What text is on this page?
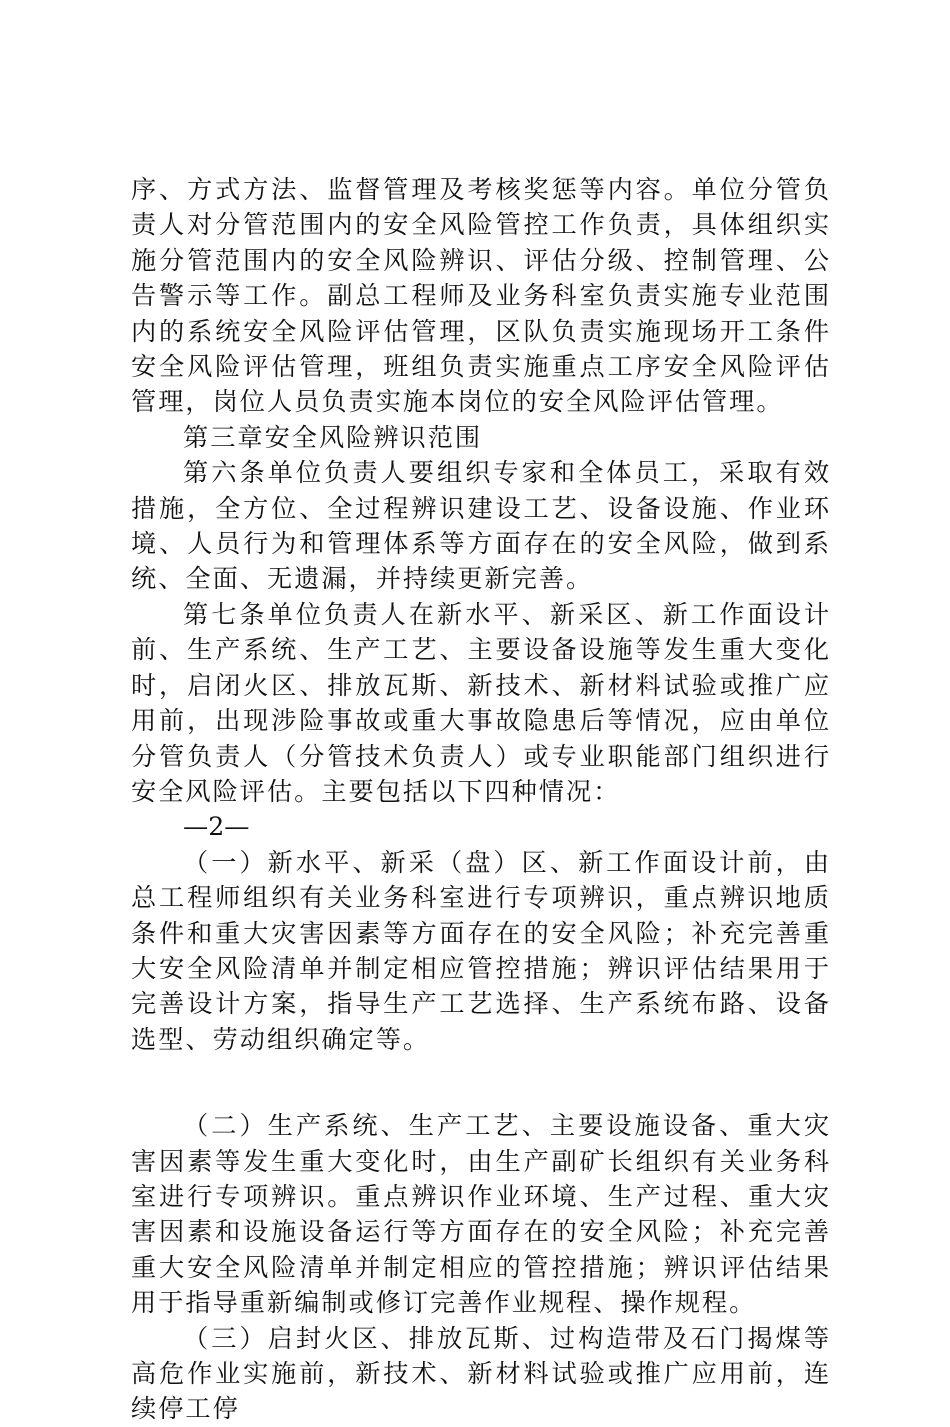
序、方式方法、监督管理及考核奖惩等内容。单位分管负责人对分管范围内的安全风险管控工作负责，具体组织实施分管范围内的安全风险辨识、评估分级、控制管理、公告警示等工作。副总工程师及业务科室负责实施专业范围内的系统安全风险评估管理，区队负责实施现场开工条件安全风险评估管理，班组负责实施重点工序安全风险评估管理，岗位人员负责实施本岗位的安全风险评估管理。

第三章安全风险辨识范围

第六条单位负责人要组织专家和全体员工，采取有效措施，全方位、全过程辨识建设工艺、设备设施、作业环境、人员行为和管理体系等方面存在的安全风险，做到系统、全面、无遗漏，并持续更新完善。

第七条单位负责人在新水平、新采区、新工作面设计前、生产系统、生产工艺、主要设备设施等发生重大变化时，启闭火区、排放瓦斯、新技术、新材料试验或推广应用前，出现涉险事故或重大事故隐患后等情况，应由单位分管负责人（分管技术负责人）或专业职能部门组织进行安全风险评估。主要包括以下四种情况：

—2—

（一）新水平、新采（盘）区、新工作面设计前，由总工程师组织有关业务科室进行专项辨识，重点辨识地质条件和重大灾害因素等方面存在的安全风险；补充完善重大安全风险清单并制定相应管控措施；辨识评估结果用于完善设计方案，指导生产工艺选择、生产系统布路、设备选型、劳动组织确定等。

（二）生产系统、生产工艺、主要设施设备、重大灾害因素等发生重大变化时，由生产副矿长组织有关业务科室进行专项辨识。重点辨识作业环境、生产过程、重大灾害因素和设施设备运行等方面存在的安全风险；补充完善重大安全风险清单并制定相应的管控措施；辨识评估结果用于指导重新编制或修订完善作业规程、操作规程。

（三）启封火区、排放瓦斯、过构造带及石门揭煤等高危作业实施前，新技术、新材料试验或推广应用前，连续停工停
